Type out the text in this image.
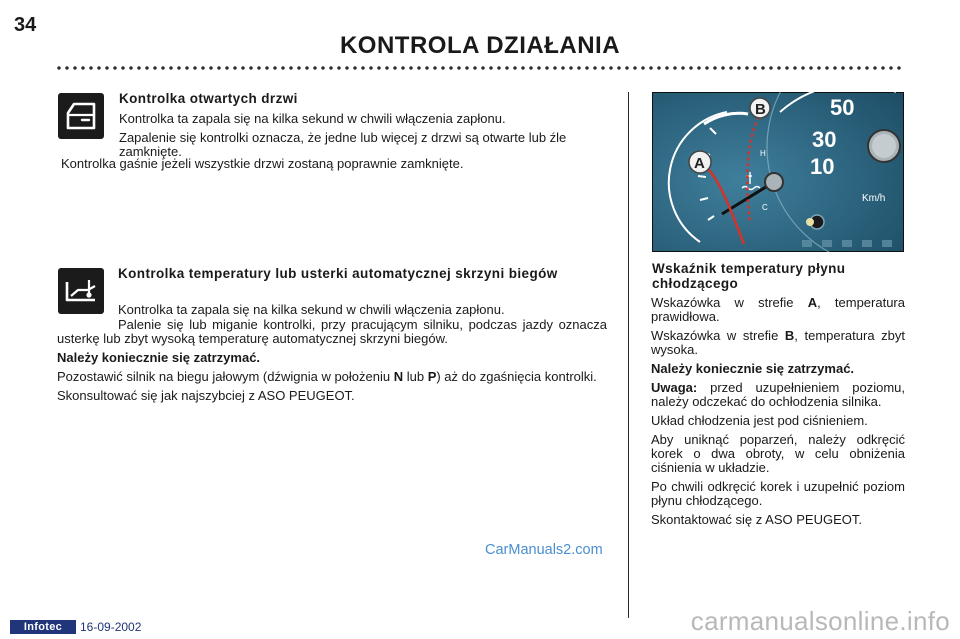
34
KONTROLA DZIAŁANIA
Kontrolka otwartych drzwi

Kontrolka ta zapala się na kilka sekund w chwili włączenia zapłonu.

Zapalenie się kontrolki oznacza, że jedne lub więcej z drzwi są otwarte lub źle zamknięte.

Kontrolka gaśnie jeżeli wszystkie drzwi zostaną poprawnie zamknięte.

Kontrolka temperatury lub usterki automatycznej skrzyni biegów

Kontrolka ta zapala się na kilka sekund w chwili włączenia zapłonu.

Palenie się lub miganie kontrolki, przy pracującym silniku, podczas jazdy oznacza usterkę lub zbyt wysoką temperaturę automatycznej skrzyni biegów.

Należy koniecznie się zatrzymać.

Pozostawić silnik na biegu jałowym (dźwignia w położeniu N lub P) aż do zgaśnięcia kontrolki.

Skonsultować się jak najszybciej z ASO PEUGEOT.

50
30
10
Km/h
H
C
B
A
Wskaźnik temperatury płynu chłodzącego

Wskazówka w strefie A, temperatura prawidłowa.

Wskazówka w strefie B, temperatura zbyt wysoka.

Należy koniecznie się zatrzymać.

Uwaga: przed uzupełnieniem poziomu, należy odczekać do ochłodzenia silnika.

Układ chłodzenia jest pod ciśnieniem.

Aby uniknąć poparzeń, należy odkręcić korek o dwa obroty, w celu obniżenia ciśnienia w układzie.

Po chwili odkręcić korek i uzupełnić poziom płynu chłodzącego.

Skontaktować się z ASO PEUGEOT.

CarManuals2.com
Infotec	16-09-2002	carmanualsonline.info
